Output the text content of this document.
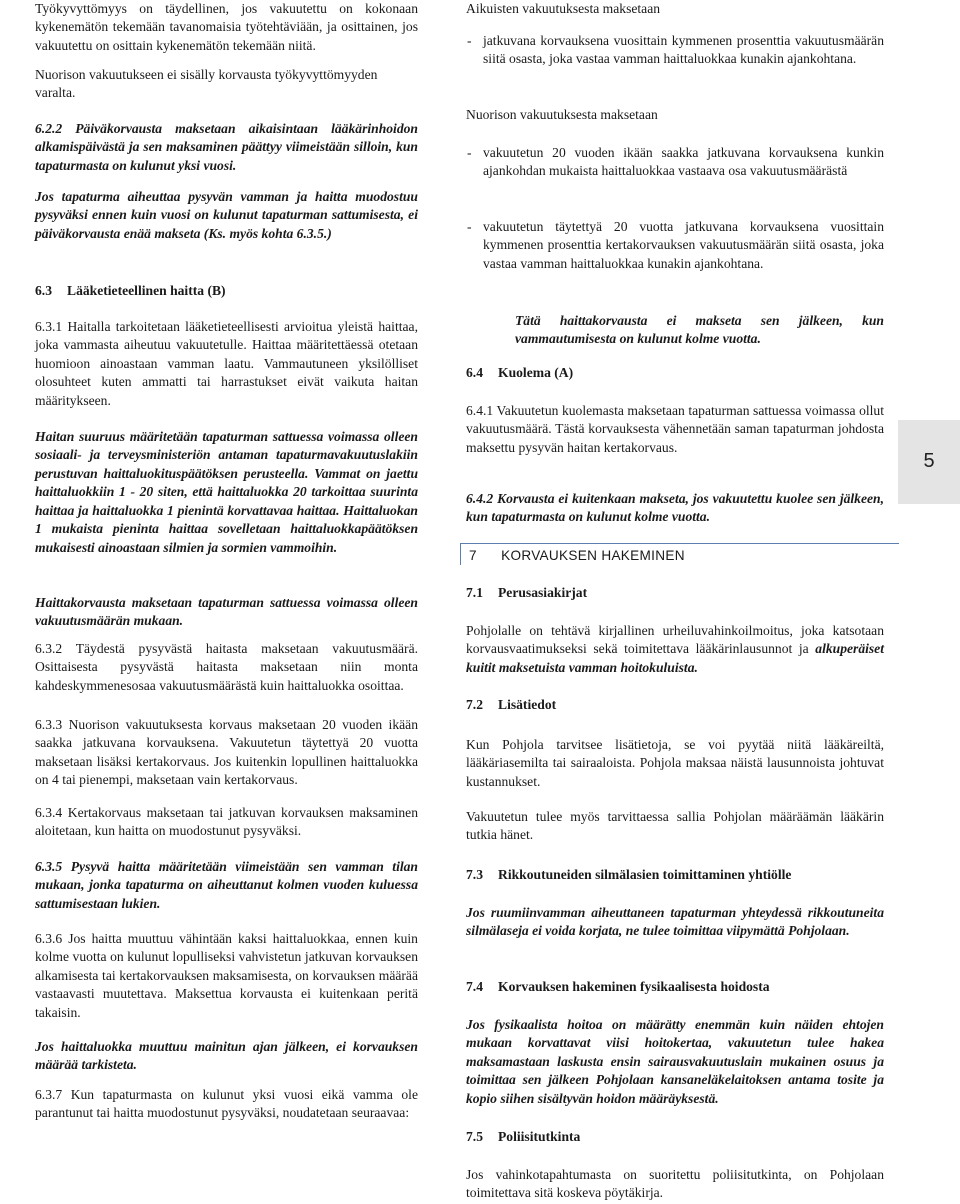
Työkyvyttömyys on täydellinen, jos vakuutettu on kokonaan kykenemätön tekemään tavanomaisia työtehtäviään, ja osittainen, jos vakuutettu on osittain kykenemätön tekemään niitä.

Nuorison vakuutukseen ei sisälly korvausta työkyvyttömyyden varalta.

6.2.2 Päiväkorvausta maksetaan aikaisintaan lääkärinhoidon alkamispäivästä ja sen maksaminen päättyy viimeistään silloin, kun tapaturmasta on kulunut yksi vuosi.

Jos tapaturma aiheuttaa pysyvän vamman ja haitta muodostuu pysyväksi ennen kuin vuosi on kulunut tapaturman sattumisesta, ei päiväkorvausta enää makseta (Ks. myös kohta 6.3.5.)

6.3	Lääketieteellinen haitta (B)
6.3.1 Haitalla tarkoitetaan lääketieteellisesti arvioitua yleistä haittaa, joka vammasta aiheutuu vakuutetulle. Haittaa määritettäessä otetaan huomioon ainoastaan vamman laatu. Vammautuneen yksilölliset olosuhteet kuten ammatti tai harrastukset eivät vaikuta haitan määritykseen.

Haitan suuruus määritetään tapaturman sattuessa voimassa olleen sosiaali- ja terveysministeriön antaman tapaturmavakuutuslakiin perustuvan haittaluokituspäätöksen perusteella. Vammat on jaettu haittaluokkiin 1 - 20 siten, että haittaluokka 20 tarkoittaa suurinta haittaa ja haittaluokka 1 pienintä korvattavaa haittaa. Haittaluokan 1 mukaista pieninta haittaa sovelletaan haittaluokkapäätöksen mukaisesti ainoastaan silmien ja sormien vammoihin.

Haittakorvausta maksetaan tapaturman sattuessa voimassa olleen vakuutusmäärän mukaan.

6.3.2 Täydestä pysyvästä haitasta maksetaan vakuutusmäärä. Osittaisesta pysyvästä haitasta maksetaan niin monta kahdeskymmenesosaa vakuutusmäärästä kuin haittaluokka osoittaa.
6.3.3 Nuorison vakuutuksesta korvaus maksetaan 20 vuoden ikään saakka jatkuvana korvauksena. Vakuutetun täytettyä 20 vuotta maksetaan lisäksi kertakorvaus. Jos kuitenkin lopullinen haittaluokka on 4 tai pienempi, maksetaan vain kertakorvaus.
6.3.4 Kertakorvaus maksetaan tai jatkuvan korvauksen maksaminen aloitetaan, kun haitta on muodostunut pysyväksi.
6.3.5 Pysyvä haitta määritetään viimeistään sen vamman tilan mukaan, jonka tapaturma on aiheuttanut kolmen vuoden kuluessa sattumisestaan lukien.
6.3.6 Jos haitta muuttuu vähintään kaksi haittaluokkaa, ennen kuin kolme vuotta on kulunut lopulliseksi vahvistetun jatkuvan korvauksen alkamisesta tai kertakorvauksen maksamisesta, on korvauksen määrää vastaavasti muutettava. Maksettua korvausta ei kuitenkaan peritä takaisin.

Jos haittaluokka muuttuu mainitun ajan jälkeen, ei korvauksen määrää tarkisteta.

6.3.7 Kun tapaturmasta on kulunut yksi vuosi eikä vamma ole parantunut tai haitta muodostunut pysyväksi, noudatetaan seuraavaa:

Aikuisten vakuutuksesta maksetaan

- jatkuvana korvauksena vuosittain kymmenen prosenttia vakuutusmäärän siitä osasta, joka vastaa vamman haittaluokkaa kunakin ajankohtana.

Nuorison vakuutuksesta maksetaan

- vakuutetun 20 vuoden ikään saakka jatkuvana korvauksena kunkin ajankohdan mukaista haittaluokkaa vastaava osa vakuutusmäärästä
- vakuutetun täytettyä 20 vuotta jatkuvana korvauksena vuosittain kymmenen prosenttia kertakorvauksen vakuutusmäärän siitä osasta, joka vastaa vamman haittaluokkaa kunakin ajankohtana.

Tätä haittakorvausta ei makseta sen jälkeen, kun vammautumisesta on kulunut kolme vuotta.

6.4	Kuolema (A)
6.4.1 Vakuutetun kuolemasta maksetaan tapaturman sattuessa voimassa ollut vakuutusmäärä. Tästä korvauksesta vähennetään saman tapaturman johdosta maksettu pysyvän haitan kertakorvaus.
6.4.2 Korvausta ei kuitenkaan makseta, jos vakuutettu kuolee sen jälkeen, kun tapaturmasta on kulunut kolme vuotta.
7 KORVAUKSEN HAKEMINEN
7.1	Perusasiakirjat

Pohjolalle on tehtävä kirjallinen urheiluvahinkoilmoitus, joka katsotaan korvausvaatimukseksi sekä toimitettava lääkärinlausunnot ja alkuperäiset kuitit maksetuista vamman hoitokuluista.

7.2	Lisätiedot

Kun Pohjola tarvitsee lisätietoja, se voi pyytää niitä lääkäreiltä, lääkäriasemilta tai sairaaloista. Pohjola maksaa näistä lausunnoista johtuvat kustannukset.

Vakuutetun tulee myös tarvittaessa sallia Pohjolan määräämän lääkärin tutkia hänet.

7.3	Rikkoutuneiden silmälasien toimittaminen yhtiölle

Jos ruumiinvamman aiheuttaneen tapaturman yhteydessä rikkoutuneita silmälaseja ei voida korjata, ne tulee toimittaa viipymättä Pohjolaan.

7.4	Korvauksen hakeminen fysikaalisesta hoidosta

Jos fysikaalista hoitoa on määrätty enemmän kuin näiden ehtojen mukaan korvattavat viisi hoitokertaa, vakuutetun tulee hakea maksamastaan laskusta ensin sairausvakuutuslain mukainen osuus ja toimittaa sen jälkeen Pohjolaan kansaneläkelaitoksen antama tosite ja kopio siihen sisältyvän hoidon määräyksestä.

7.5	Poliisitutkinta

Jos vahinkotapahtumasta on suoritettu poliisitutkinta, on Pohjolaan toimitettava sitä koskeva pöytäkirja.

5
